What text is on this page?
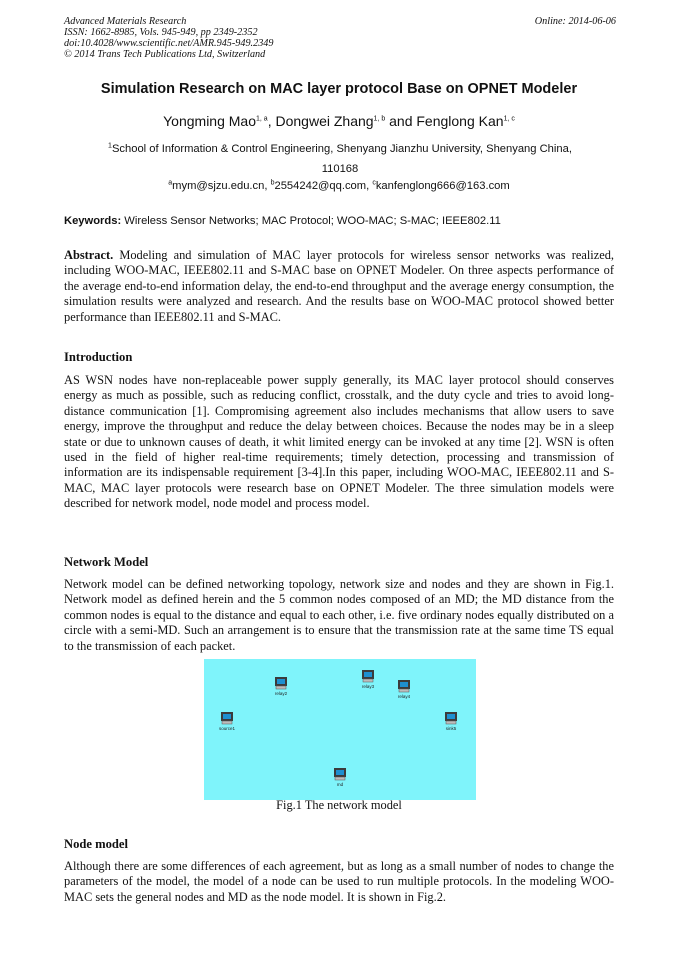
Advanced Materials Research
ISSN: 1662-8985, Vols. 945-949, pp 2349-2352
doi:10.4028/www.scientific.net/AMR.945-949.2349
© 2014 Trans Tech Publications Ltd, Switzerland
Online: 2014-06-06
Simulation Research on MAC layer protocol Base on OPNET Modeler
Yongming Mao$^{1, a}$, Dongwei Zhang$^{1, b}$ and Fenglong Kan$^{1, c}$
$^1$School of Information & Control Engineering, Shenyang Jianzhu University, Shenyang China, 110168
$^a$mym@sjzu.edu.cn, $^b$2554242@qq.com, $^c$kanfenglong666@163.com
Keywords: Wireless Sensor Networks; MAC Protocol; WOO-MAC; S-MAC; IEEE802.11

Abstract. Modeling and simulation of MAC layer protocols for wireless sensor networks was realized, including WOO-MAC, IEEE802.11 and S-MAC base on OPNET Modeler. On three aspects performance of the average end-to-end information delay, the end-to-end throughput and the average energy consumption, the simulation results were analyzed and research. And the results base on WOO-MAC protocol showed better performance than IEEE802.11 and S-MAC.

Introduction

AS WSN nodes have non-replaceable power supply generally, its MAC layer protocol should conserves energy as much as possible, such as reducing conflict, crosstalk, and the duty cycle and tries to avoid long-distance communication [1]. Compromising agreement also includes mechanisms that allow users to save energy, improve the throughput and reduce the delay between choices. Because the nodes may be in a sleep state or due to unknown causes of death, it whit limited energy can be invoked at any time [2]. WSN is often used in the field of higher real-time requirements; timely detection, processing and transmission of information are its indispensable requirement [3-4].In this paper, including WOO-MAC, IEEE802.11 and S-MAC, MAC layer protocols were research base on OPNET Modeler. The three simulation models were described for network model, node model and process model.

Network Model

Network model can be defined networking topology, network size and nodes and they are shown in Fig.1. Network model as defined herein and the 5 common nodes composed of an MD; the MD distance from the common nodes is equal to the distance and equal to each other, i.e. five ordinary nodes equally distributed on a circle with a semi-MD. Such an arrangement is to ensure that the transmission rate at the same time TS equal to the transmission of each packet.

relay3
relay2
relay4
source1	sink5
md
Fig.1 The network model
Node model

Although there are some differences of each agreement, but as long as a small number of nodes to change the parameters of the model, the model of a node can be used to run multiple protocols. In the modeling WOO-MAC sets the general nodes and MD as the node model. It is shown in Fig.2.
